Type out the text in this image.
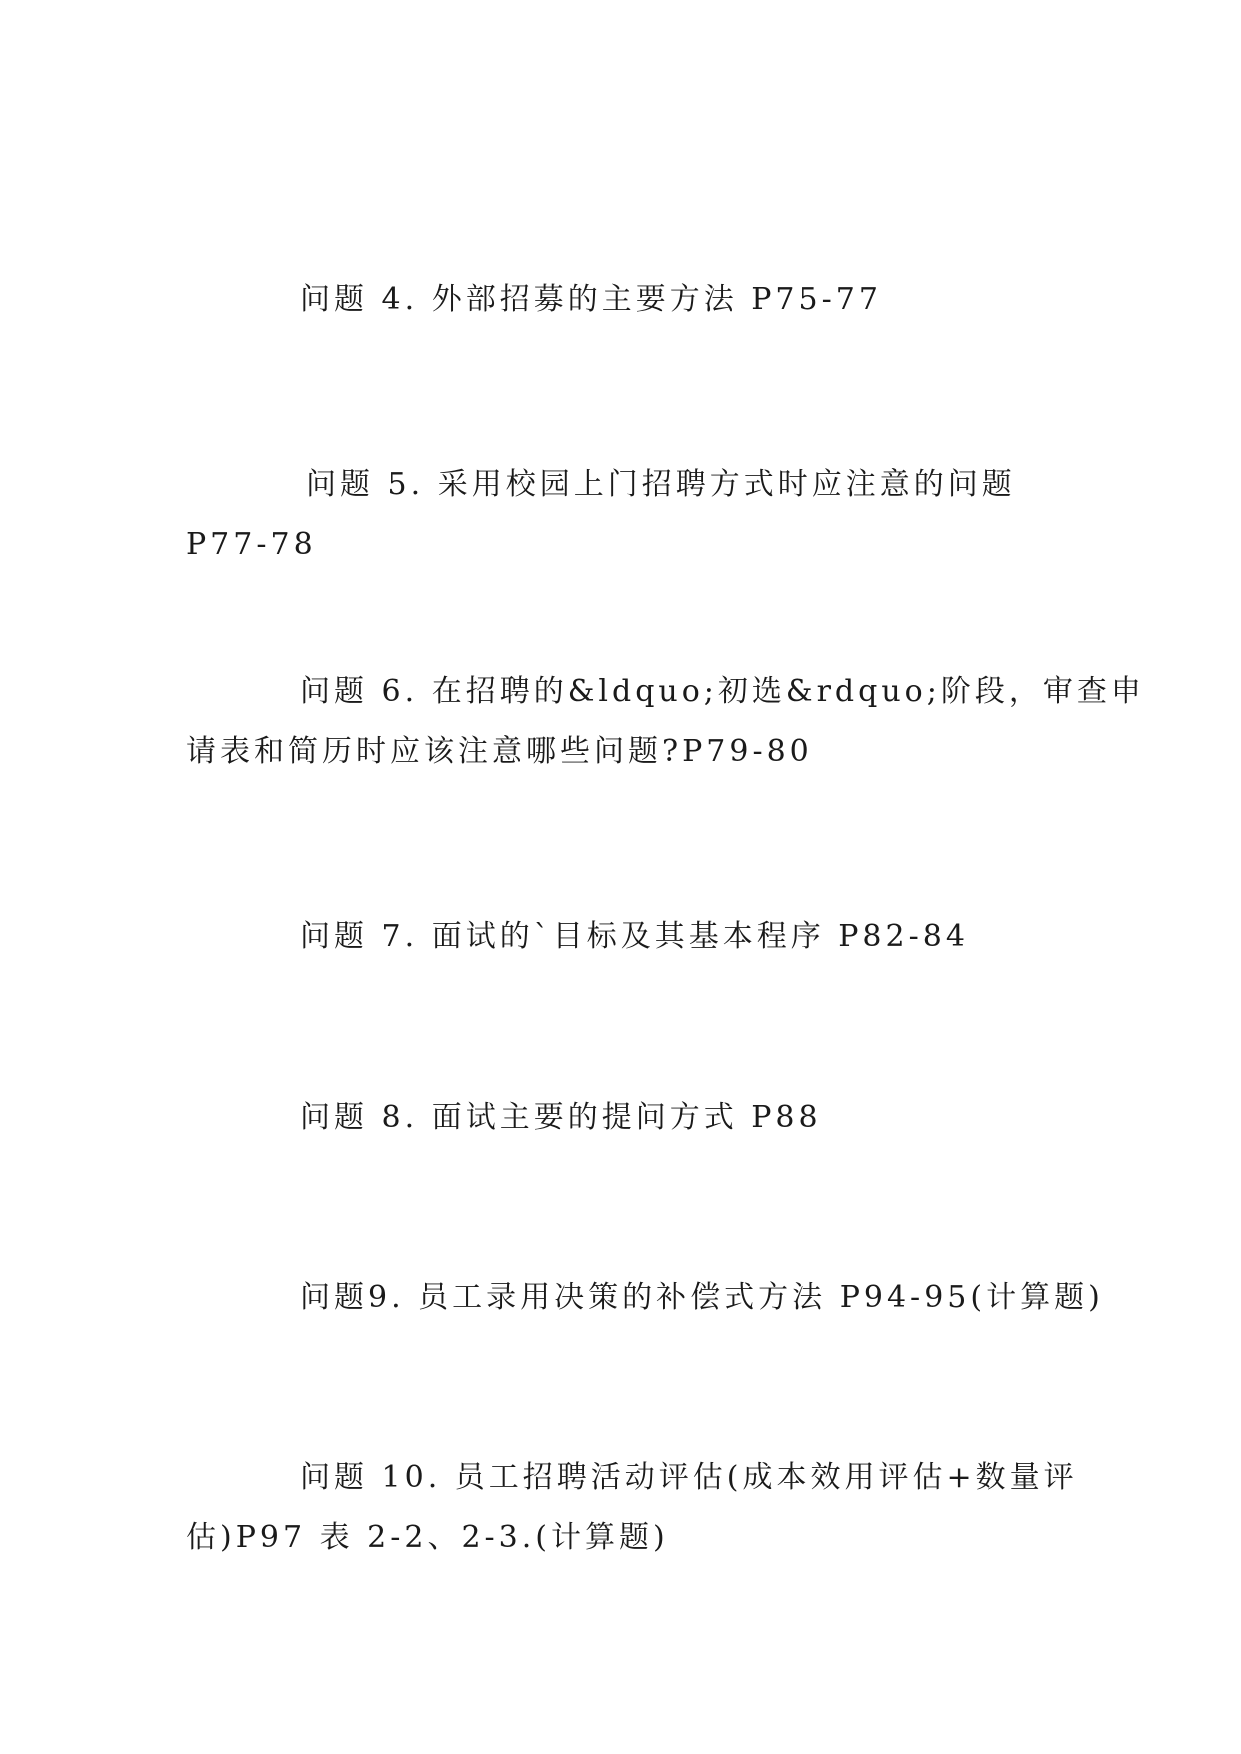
问题 4. 外部招募的主要方法 P75-77
问题 5. 采用校园上门招聘方式时应注意的问题
P77-78
问题 6. 在招聘的&ldquo;初选&rdquo;阶段，审查申
请表和简历时应该注意哪些问题?P79-80
问题 7. 面试的`目标及其基本程序 P82-84
问题 8. 面试主要的提问方式 P88
问题9. 员工录用决策的补偿式方法 P94-95(计算题)
问题 10. 员工招聘活动评估(成本效用评估+数量评
估)P97 表 2-2、2-3.(计算题)
